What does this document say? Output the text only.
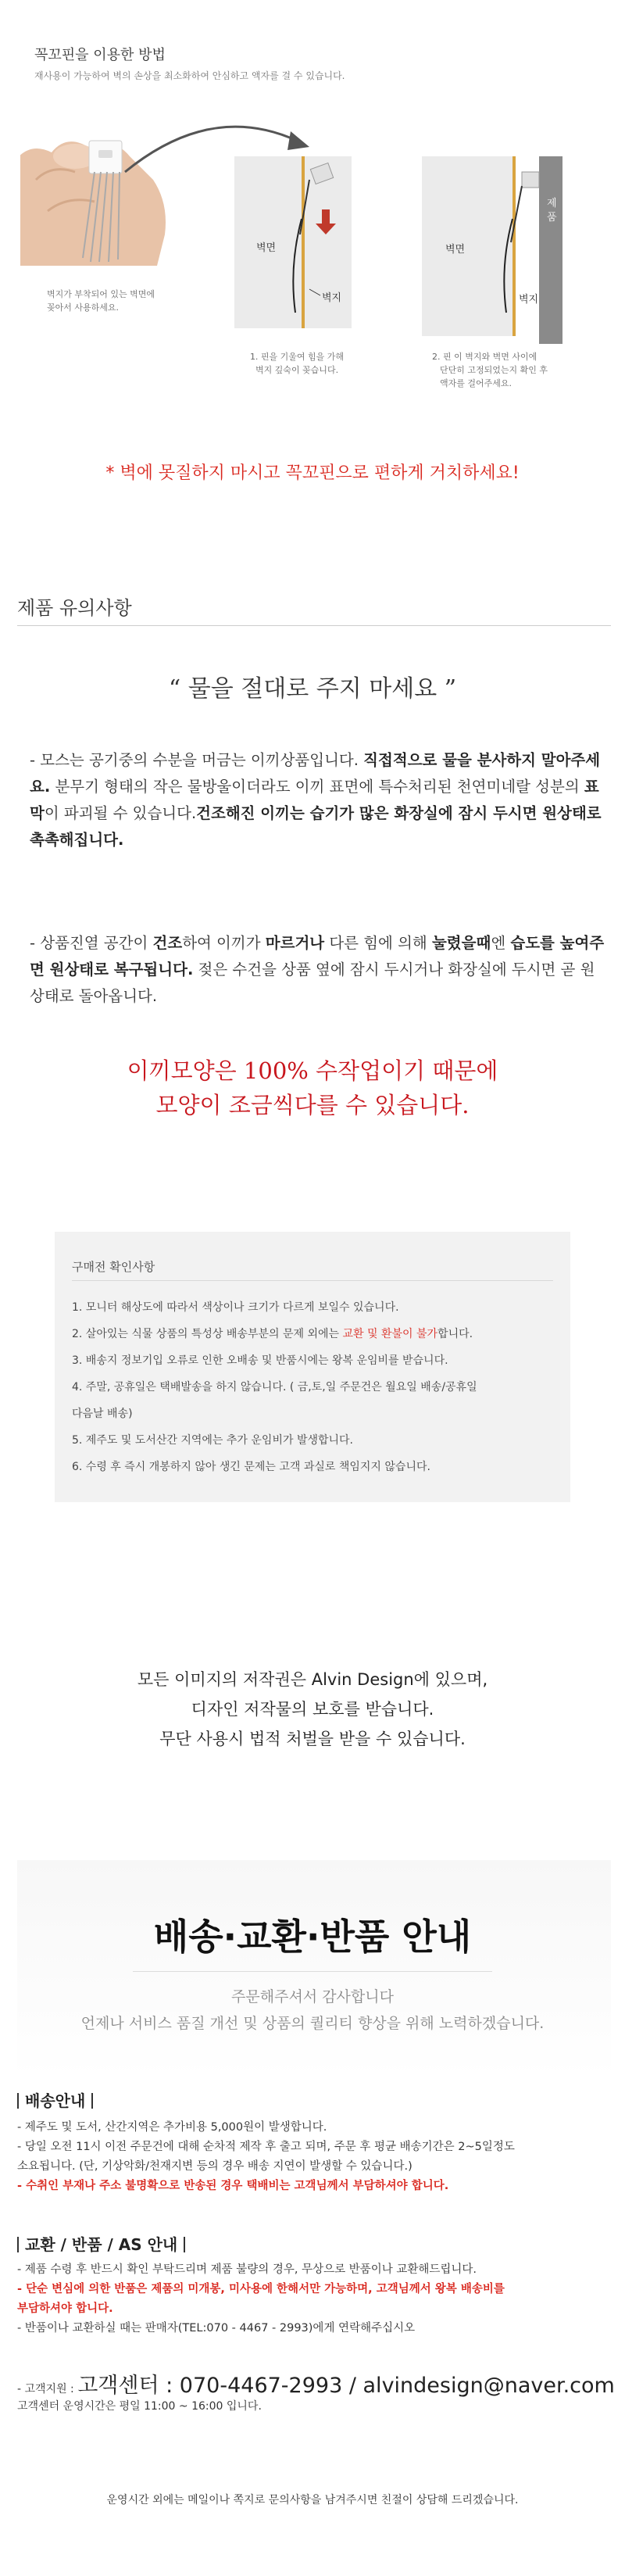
꼭꼬핀을 이용한 방법
재사용이 가능하여 벽의 손상을 최소화하여 안심하고 액자를 걸 수 있습니다.
벽지가 부착되어 있는 벽면에
꽂아서 사용하세요.
벽면
벽지
벽면
벽지
제품
1. 핀을 기울여 힘을 가해
벽지 깊숙이 꽂습니다.
2. 핀 이 벽지와 벽면 사이에
단단히 고정되었는지 확인 후
액자를 걸어주세요.
* 벽에 못질하지 마시고 꼭꼬핀으로 편하게 거치하세요!
제품 유의사항
“ 물을 절대로 주지 마세요 ”
- 모스는 공기중의 수분을 머금는 이끼상품입니다. 직접적으로 물을 분사하지 말아주세요. 분무기 형태의 작은 물방울이더라도 이끼 표면에 특수처리된 천연미네랄 성분의 표막이 파괴될 수 있습니다.건조해진 이끼는 습기가 많은 화장실에 잠시 두시면 원상태로 촉촉해집니다.
- 상품진열 공간이 건조하여 이끼가 마르거나 다른 힘에 의해 눌렸을때엔 습도를 높여주면 원상태로 복구됩니다. 젖은 수건을 상품 옆에 잠시 두시거나 화장실에 두시면 곧 원상태로 돌아옵니다.
이끼모양은 100% 수작업이기 때문에
모양이 조금씩다를 수 있습니다.
구매전 확인사항
1. 모니터 해상도에 따라서 색상이나 크기가 다르게 보일수 있습니다.
2. 살아있는 식물 상품의 특성상 배송부분의 문제 외에는 교환 및 환불이 불가합니다.
3. 배송지 정보기입 오류로 인한 오배송 및 반품시에는 왕복 운임비를 받습니다.
4. 주말, 공휴일은 택배발송을 하지 않습니다. ( 금,토,일 주문건은 월요일 배송/공휴일
다음날 배송)
5. 제주도 및 도서산간 지역에는 추가 운임비가 발생합니다.
6. 수령 후 즉시 개봉하지 않아 생긴 문제는 고객 과실로 책임지지 않습니다.
모든 이미지의 저작권은 Alvin Design에 있으며,
디자인 저작물의 보호를 받습니다.
무단 사용시 법적 처벌을 받을 수 있습니다.
배송·교환·반품 안내
주문해주셔서 감사합니다
언제나 서비스 품질 개선 및 상품의 퀄리티 향상을 위해 노력하겠습니다.
배송안내
- 제주도 및 도서, 산간지역은 추가비용 5,000원이 발생합니다.
- 당일 오전 11시 이전 주문건에 대해 순차적 제작 후 출고 되며, 주문 후 평균 배송기간은 2~5일정도
소요됩니다. (단, 기상악화/천재지변 등의 경우 배송 지연이 발생할 수 있습니다.)
- 수취인 부재나 주소 불명확으로 반송된 경우 택배비는 고객님께서 부담하셔야 합니다.
교환 / 반품 / AS 안내
- 제품 수령 후 반드시 확인 부탁드리며 제품 불량의 경우, 무상으로 반품이나 교환해드립니다.
- 단순 변심에 의한 반품은 제품의 미개봉, 미사용에 한해서만 가능하며, 고객님께서 왕복 배송비를
부담하셔야 합니다.
- 반품이나 교환하실 때는 판매자(TEL:070 - 4467 - 2993)에게 연락해주십시오
- 고객지원 : 고객센터 : 070-4467-2993 / alvindesign@naver.com
고객센터 운영시간은 평일 11:00 ~ 16:00 입니다.
운영시간 외에는 메일이나 쪽지로 문의사항을 남겨주시면 친절이 상담해 드리겠습니다.
